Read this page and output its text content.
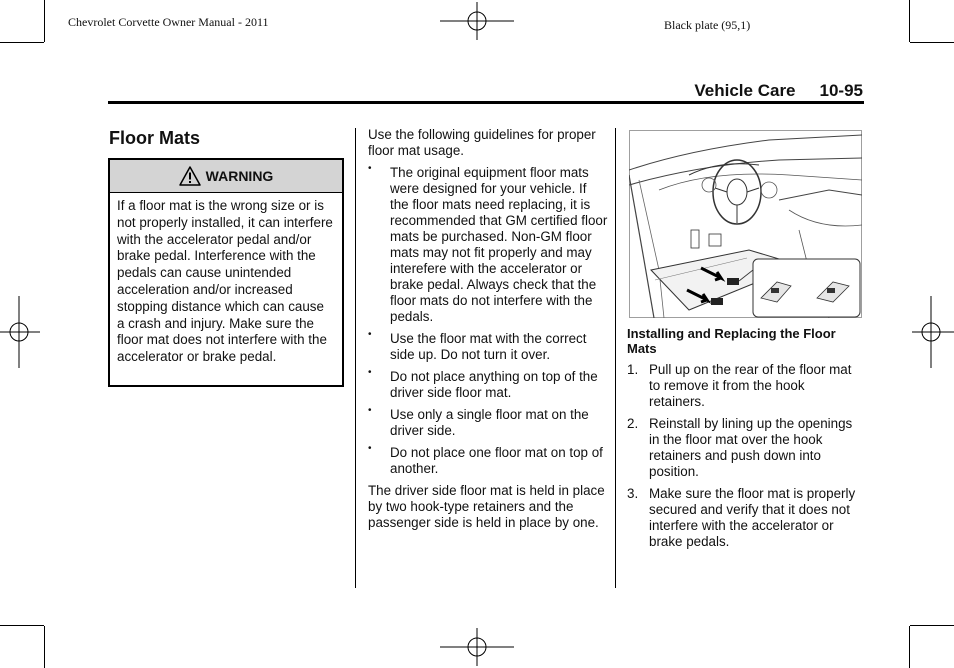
Chevrolet Corvette Owner Manual - 2011	Black plate (95,1)
Vehicle Care 10-95
Floor Mats
WARNING
If a floor mat is the wrong size or is not properly installed, it can interfere with the accelerator pedal and/or brake pedal. Interference with the pedals can cause unintended acceleration and/or increased stopping distance which can cause a crash and injury. Make sure the floor mat does not interfere with the accelerator or brake pedal.

Use the following guidelines for proper floor mat usage.

• The original equipment floor mats were designed for your vehicle. If the floor mats need replacing, it is recommended that GM certified floor mats be purchased. Non-GM floor mats may not fit properly and may interefere with the accelerator or brake pedal. Always check that the floor mats do not interfere with the pedals.

• Use the floor mat with the correct side up. Do not turn it over.

• Do not place anything on top of the driver side floor mat.

• Use only a single floor mat on the driver side.

• Do not place one floor mat on top of another.

The driver side floor mat is held in place by two hook-type retainers and the passenger side is held in place by one.

Installing and Replacing the Floor Mats

1. Pull up on the rear of the floor mat to remove it from the hook retainers.

2. Reinstall by lining up the openings in the floor mat over the hook retainers and push down into position.

3. Make sure the floor mat is properly secured and verify that it does not interfere with the accelerator or brake pedals.
